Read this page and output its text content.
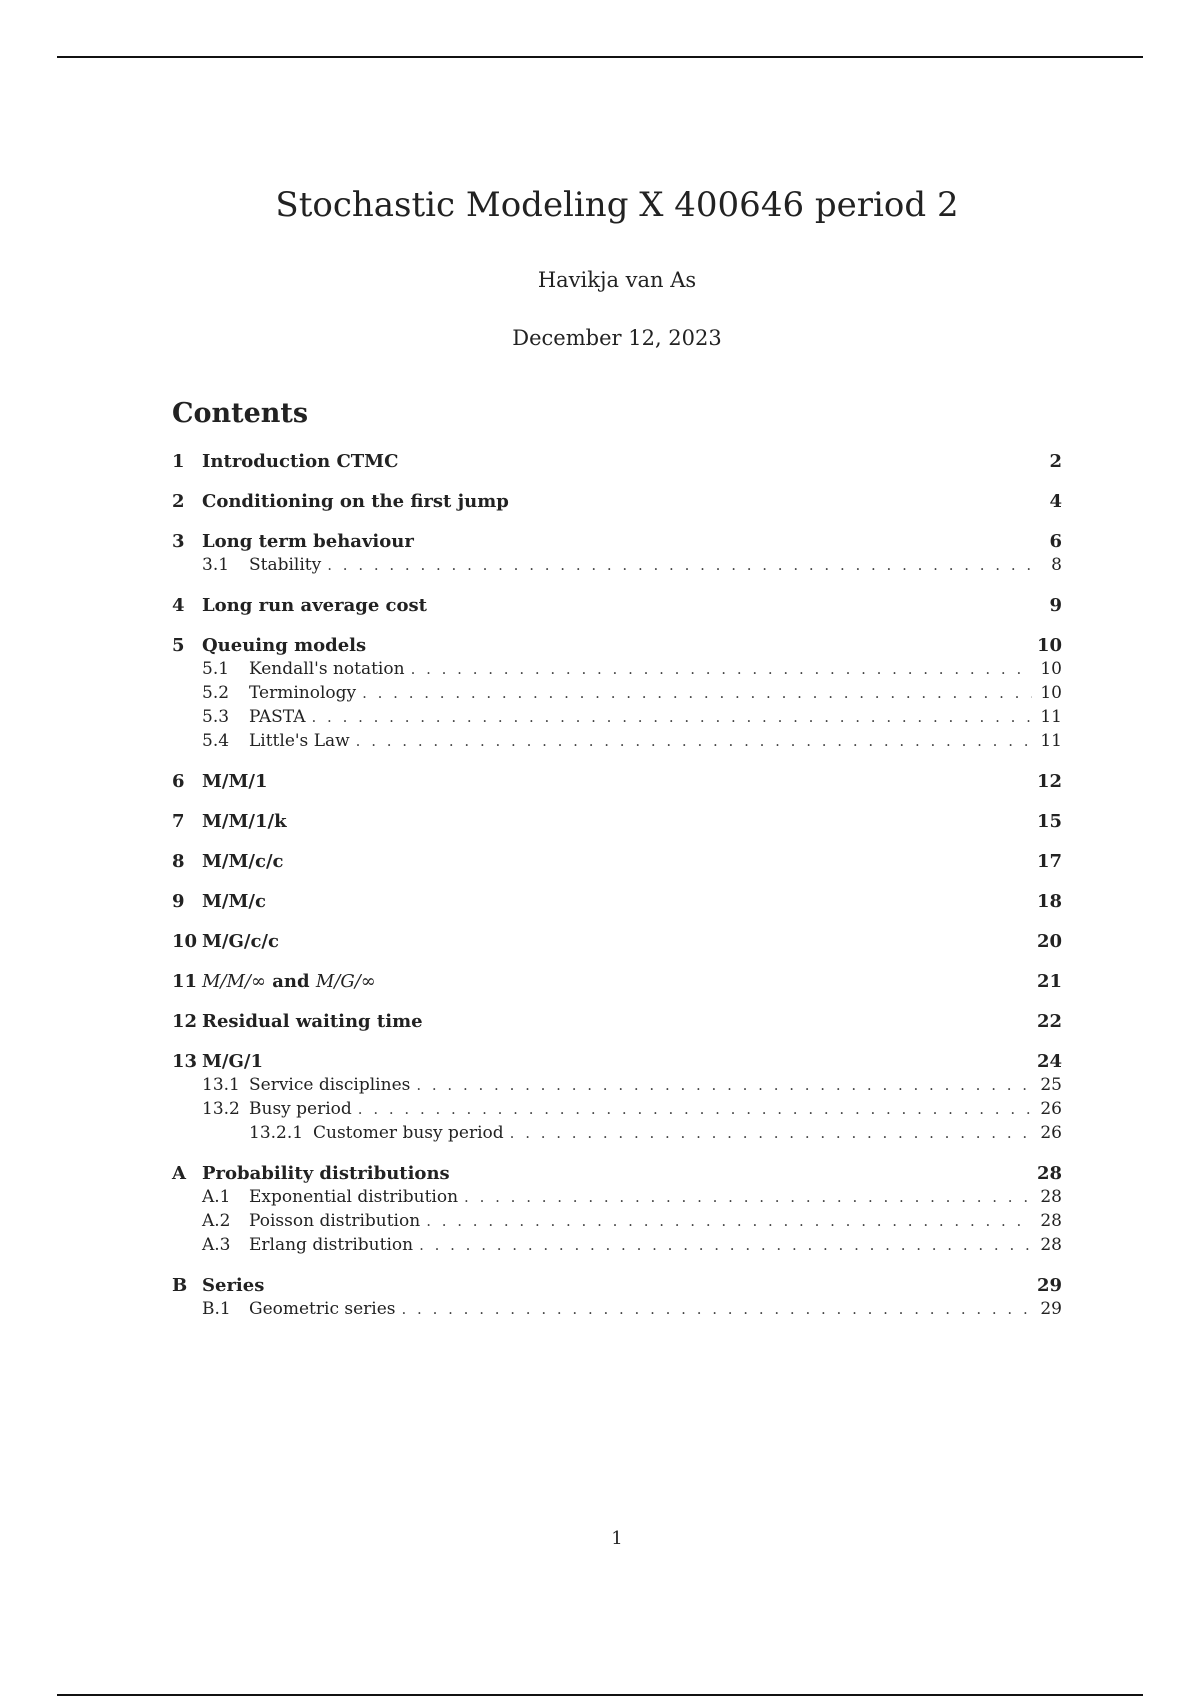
Stochastic Modeling X 400646 period 2
Havikja van As
December 12, 2023
Contents
1 Introduction CTMC	2
2 Conditioning on the first jump	4
3 Long term behaviour	6
3.1	Stability . . .	8
4 Long run average cost	9
5 Queuing models	10
5.1	Kendall's notation . . .	10
5.2	Terminology . . .	10
5.3	PASTA . . .	11
5.4	Little's Law . . .	11
6 M/M/1	12
7 M/M/1/k	15
8 M/M/c/c	17
9 M/M/c	18
10 M/G/c/c	20
11 M/M/∞ and M/G/∞	21
12 Residual waiting time	22
13 M/G/1	24
13.1 Service disciplines . . .	25
13.2 Busy period . . .	26
13.2.1 Customer busy period . . .	26
A Probability distributions	28
A.1	Exponential distribution . . .	28
A.2	Poisson distribution . . .	28
A.3	Erlang distribution . . .	28
B Series	29
B.1	Geometric series . . .	29
1
